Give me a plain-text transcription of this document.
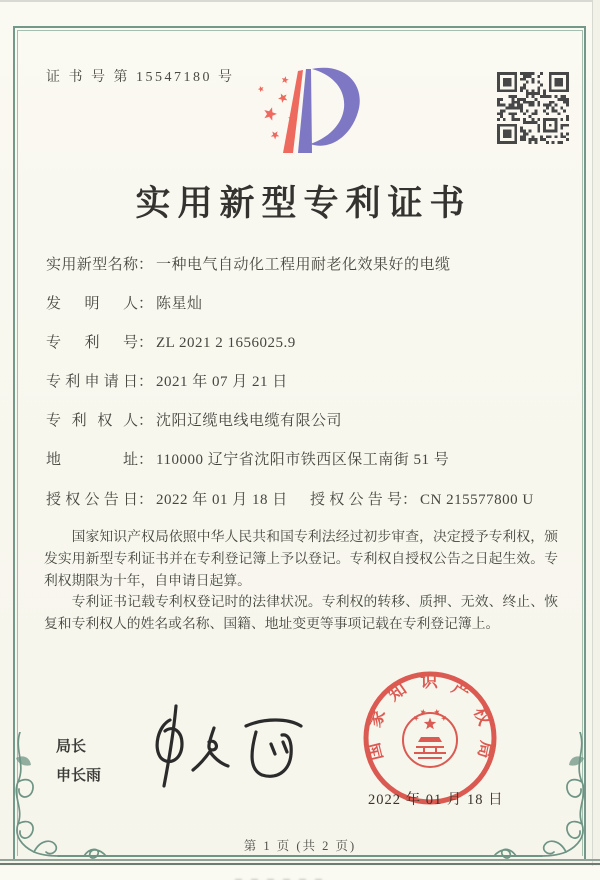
证 书 号 第 15547180 号
实用新型专利证书
实用新型名称： 一种电气自动化工程用耐老化效果好的电缆
发明人： 陈星灿
专利号： ZL 2021 2 1656025.9
专利申请日： 2021 年 07 月 21 日
专利权人： 沈阳辽缆电线电缆有限公司
地址： 110000 辽宁省沈阳市铁西区保工南街 51 号
授权公告日： 2022 年 01 月 18 日 授权公告号： CN 215577800 U

国家知识产权局依照中华人民共和国专利法经过初步审查，决定授予专利权，颁发实用新型专利证书并在专利登记簿上予以登记。专利权自授权公告之日起生效。专利权期限为十年，自申请日起算。

专利证书记载专利权登记时的法律状况。专利权的转移、质押、无效、终止、恢复和专利权人的姓名或名称、国籍、地址变更等事项记载在专利登记簿上。

局长
申长雨
国家知识产权局
2022 年 01 月 18 日
第 1 页 (共 2 页)
